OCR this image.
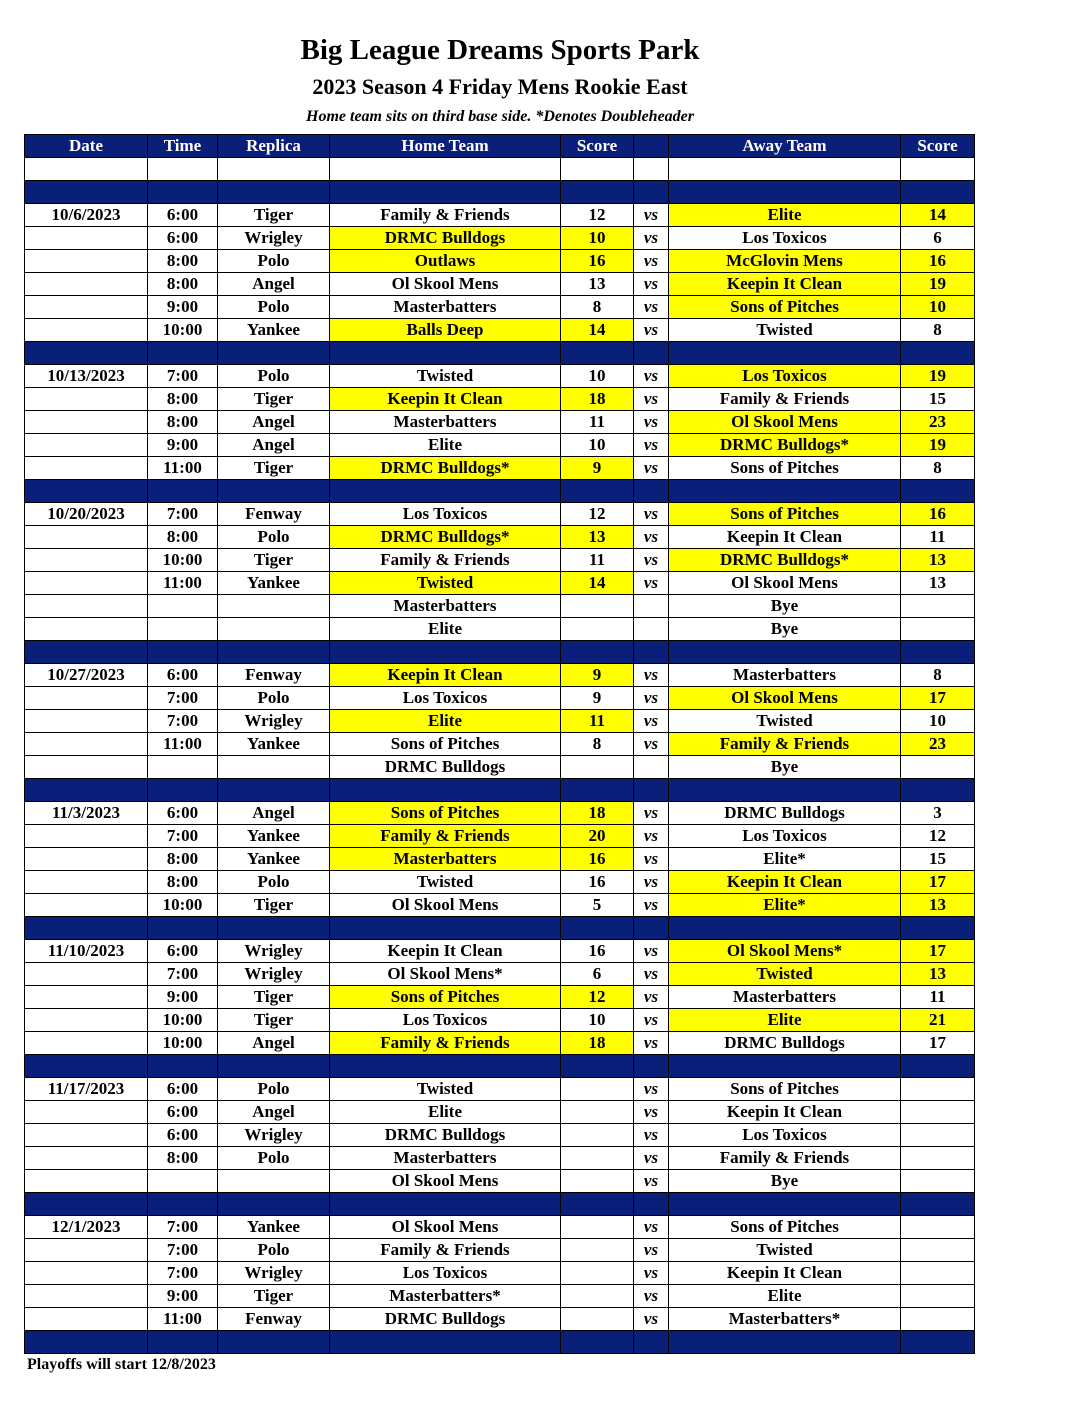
Big League Dreams Sports Park
2023 Season 4 Friday Mens Rookie East
Home team sits on third base side. *Denotes Doubleheader
Date	Time	Replica	Home Team	Score		Away Team	Score

10/6/2023	6:00	Tiger	Family & Friends	12	vs	Elite	14
	6:00	Wrigley	DRMC Bulldogs	10	vs	Los Toxicos	6
	8:00	Polo	Outlaws	16	vs	McGlovin Mens	16
	8:00	Angel	Ol Skool Mens	13	vs	Keepin It Clean	19
	9:00	Polo	Masterbatters	8	vs	Sons of Pitches	10
	10:00	Yankee	Balls Deep	14	vs	Twisted	8

10/13/2023	7:00	Polo	Twisted	10	vs	Los Toxicos	19
	8:00	Tiger	Keepin It Clean	18	vs	Family & Friends	15
	8:00	Angel	Masterbatters	11	vs	Ol Skool Mens	23
	9:00	Angel	Elite	10	vs	DRMC Bulldogs*	19
	11:00	Tiger	DRMC Bulldogs*	9	vs	Sons of Pitches	8

10/20/2023	7:00	Fenway	Los Toxicos	12	vs	Sons of Pitches	16
	8:00	Polo	DRMC Bulldogs*	13	vs	Keepin It Clean	11
	10:00	Tiger	Family & Friends	11	vs	DRMC Bulldogs*	13
	11:00	Yankee	Twisted	14	vs	Ol Skool Mens	13
			Masterbatters			Bye	
			Elite			Bye	

10/27/2023	6:00	Fenway	Keepin It Clean	9	vs	Masterbatters	8
	7:00	Polo	Los Toxicos	9	vs	Ol Skool Mens	17
	7:00	Wrigley	Elite	11	vs	Twisted	10
	11:00	Yankee	Sons of Pitches	8	vs	Family & Friends	23
			DRMC Bulldogs			Bye	

11/3/2023	6:00	Angel	Sons of Pitches	18	vs	DRMC Bulldogs	3
	7:00	Yankee	Family & Friends	20	vs	Los Toxicos	12
	8:00	Yankee	Masterbatters	16	vs	Elite*	15
	8:00	Polo	Twisted	16	vs	Keepin It Clean	17
	10:00	Tiger	Ol Skool Mens	5	vs	Elite*	13

11/10/2023	6:00	Wrigley	Keepin It Clean	16	vs	Ol Skool Mens*	17
	7:00	Wrigley	Ol Skool Mens*	6	vs	Twisted	13
	9:00	Tiger	Sons of Pitches	12	vs	Masterbatters	11
	10:00	Tiger	Los Toxicos	10	vs	Elite	21
	10:00	Angel	Family & Friends	18	vs	DRMC Bulldogs	17

11/17/2023	6:00	Polo	Twisted		vs	Sons of Pitches	
	6:00	Angel	Elite		vs	Keepin It Clean	
	6:00	Wrigley	DRMC Bulldogs		vs	Los Toxicos	
	8:00	Polo	Masterbatters		vs	Family & Friends	
			Ol Skool Mens		vs	Bye	

12/1/2023	7:00	Yankee	Ol Skool Mens		vs	Sons of Pitches	
	7:00	Polo	Family & Friends		vs	Twisted	
	7:00	Wrigley	Los Toxicos		vs	Keepin It Clean	
	9:00	Tiger	Masterbatters*		vs	Elite	
	11:00	Fenway	DRMC Bulldogs		vs	Masterbatters*	

Playoffs will start 12/8/2023
